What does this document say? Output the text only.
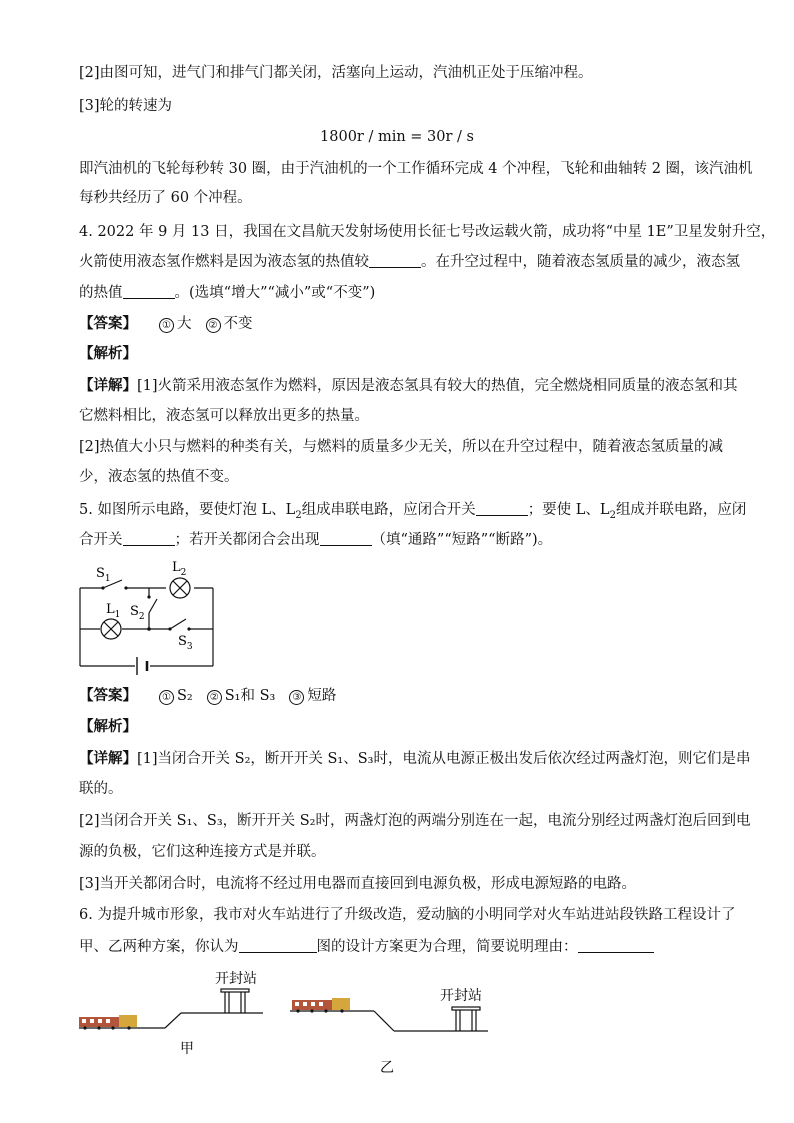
[2]由图可知，进气门和排气门都关闭，活塞向上运动，汽油机正处于压缩冲程。
[3]轮的转速为
1800r / min = 30r / s
即汽油机的飞轮每秒转 30 圈，由于汽油机的一个工作循环完成 4 个冲程，飞轮和曲轴转 2 圈，该汽油机
每秒共经历了 60 个冲程。
4. 2022 年 9 月 13 日，我国在文昌航天发射场使用长征七号改运载火箭，成功将“中星 1E”卫星发射升空，
火箭使用液态氢作燃料是因为液态氢的热值较	。在升空过程中，随着液态氢质量的减少，液态氢
的热值	。(选填“增大”“减小”或“不变”)
【答案】	① 大 ② 不变
【解析】
【详解】[1]火箭采用液态氢作为燃料，原因是液态氢具有较大的热值，完全燃烧相同质量的液态氢和其
它燃料相比，液态氢可以释放出更多的热量。
[2]热值大小只与燃料的种类有关，与燃料的质量多少无关，所以在升空过程中，随着液态氢质量的减
少，液态氢的热值不变。
5. 如图所示电路，要使灯泡 L、$L_2$组成串联电路，应闭合开关	；要使 L、$L_2$组成并联电路，应闭
合开关	；若开关都闭合会出现	（填“通路”“短路”“断路”)。
$S_1$
$L_2$
$L_1$ $S_2$
$S_3$
【答案】	① S₂ ② S₁和 S₃ ③ 短路
【解析】
【详解】[1]当闭合开关 S₂，断开开关 S₁、S₃时，电流从电源正极出发后依次经过两盏灯泡，则它们是串
联的。
[2]当闭合开关 S₁、S₃，断开开关 S₂时，两盏灯泡的两端分别连在一起，电流分别经过两盏灯泡后回到电
源的负极，它们这种连接方式是并联。
[3]当开关都闭合时，电流将不经过用电器而直接回到电源负极，形成电源短路的电路。
6. 为提升城市形象，我市对火车站进行了升级改造，爱动脑的小明同学对火车站进站段铁路工程设计了
甲、乙两种方案，你认为	图的设计方案更为合理，简要说明理由：
开封站
甲
开封站
乙
